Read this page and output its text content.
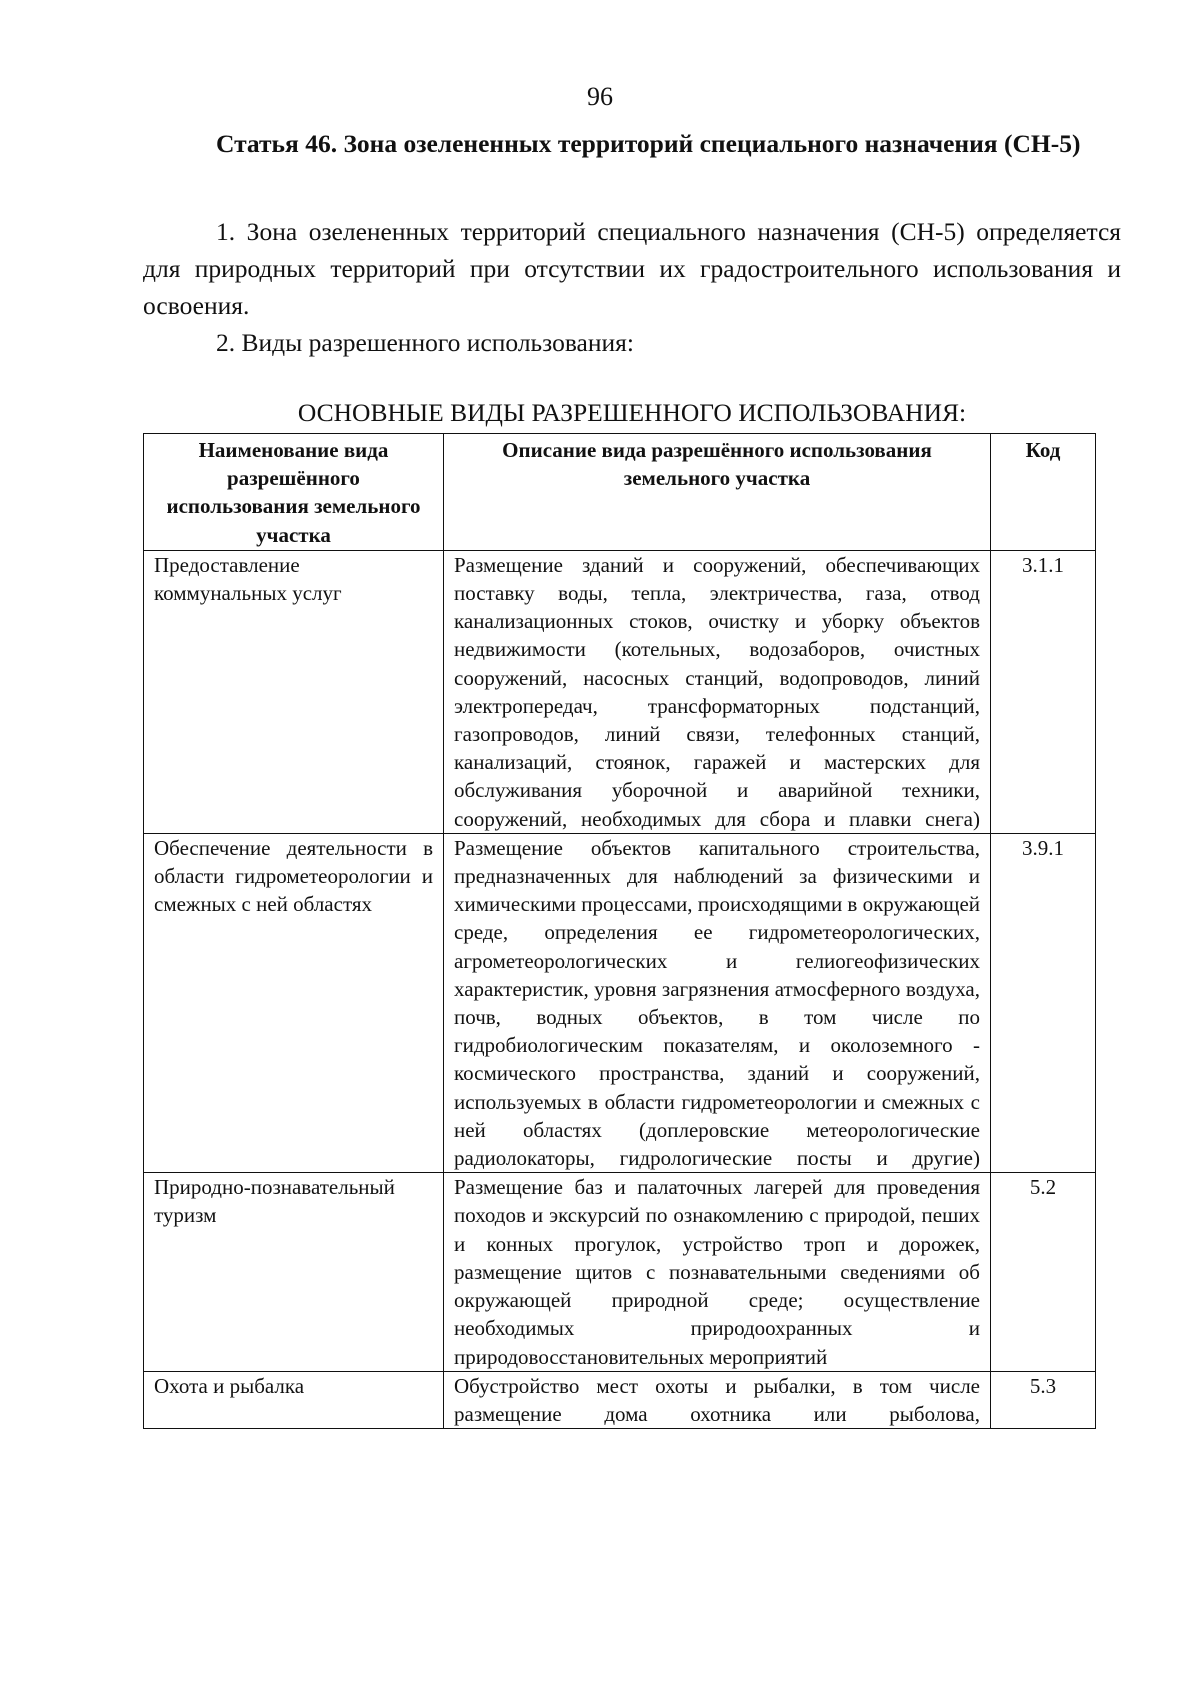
96

Статья 46. Зона озелененных территорий специального назначения (СН-5)

1. Зона озелененных территорий специального назначения (СН-5) определяется для природных территорий при отсутствии их градостроительного использования и освоения.

2. Виды разрешенного использования:

ОСНОВНЫЕ ВИДЫ РАЗРЕШЕННОГО ИСПОЛЬЗОВАНИЯ:
Наименование вида разрешённого использования земельного участка	Описание вида разрешённого использования земельного участка	Код
Предоставление коммунальных услуг	Размещение зданий и сооружений, обеспечивающих поставку воды, тепла, электричества, газа, отвод канализационных стоков, очистку и уборку объектов недвижимости (котельных, водозаборов, очистных сооружений, насосных станций, водопроводов, линий электропередач, трансформаторных подстанций, газопроводов, линий связи, телефонных станций, канализаций, стоянок, гаражей и мастерских для обслуживания уборочной и аварийной техники, сооружений, необходимых для сбора и плавки снега)	3.1.1
Обеспечение деятельности в области гидрометеорологии и смежных с ней областях	Размещение объектов капитального строительства, предназначенных для наблюдений за физическими и химическими процессами, происходящими в окружающей среде, определения ее гидрометеорологических, агрометеорологических и гелиогеофизических характеристик, уровня загрязнения атмосферного воздуха, почв, водных объектов, в том числе по гидробиологическим показателям, и околоземного - космического пространства, зданий и сооружений, используемых в области гидрометеорологии и смежных с ней областях (доплеровские метеорологические радиолокаторы, гидрологические посты и другие)	3.9.1
Природно-познавательный туризм	Размещение баз и палаточных лагерей для проведения походов и экскурсий по ознакомлению с природой, пеших и конных прогулок, устройство троп и дорожек, размещение щитов с познавательными сведениями об окружающей природной среде; осуществление необходимых природоохранных и природовосстановительных мероприятий	5.2
Охота и рыбалка	Обустройство мест охоты и рыбалки, в том числе размещение дома охотника или рыболова,	5.3
